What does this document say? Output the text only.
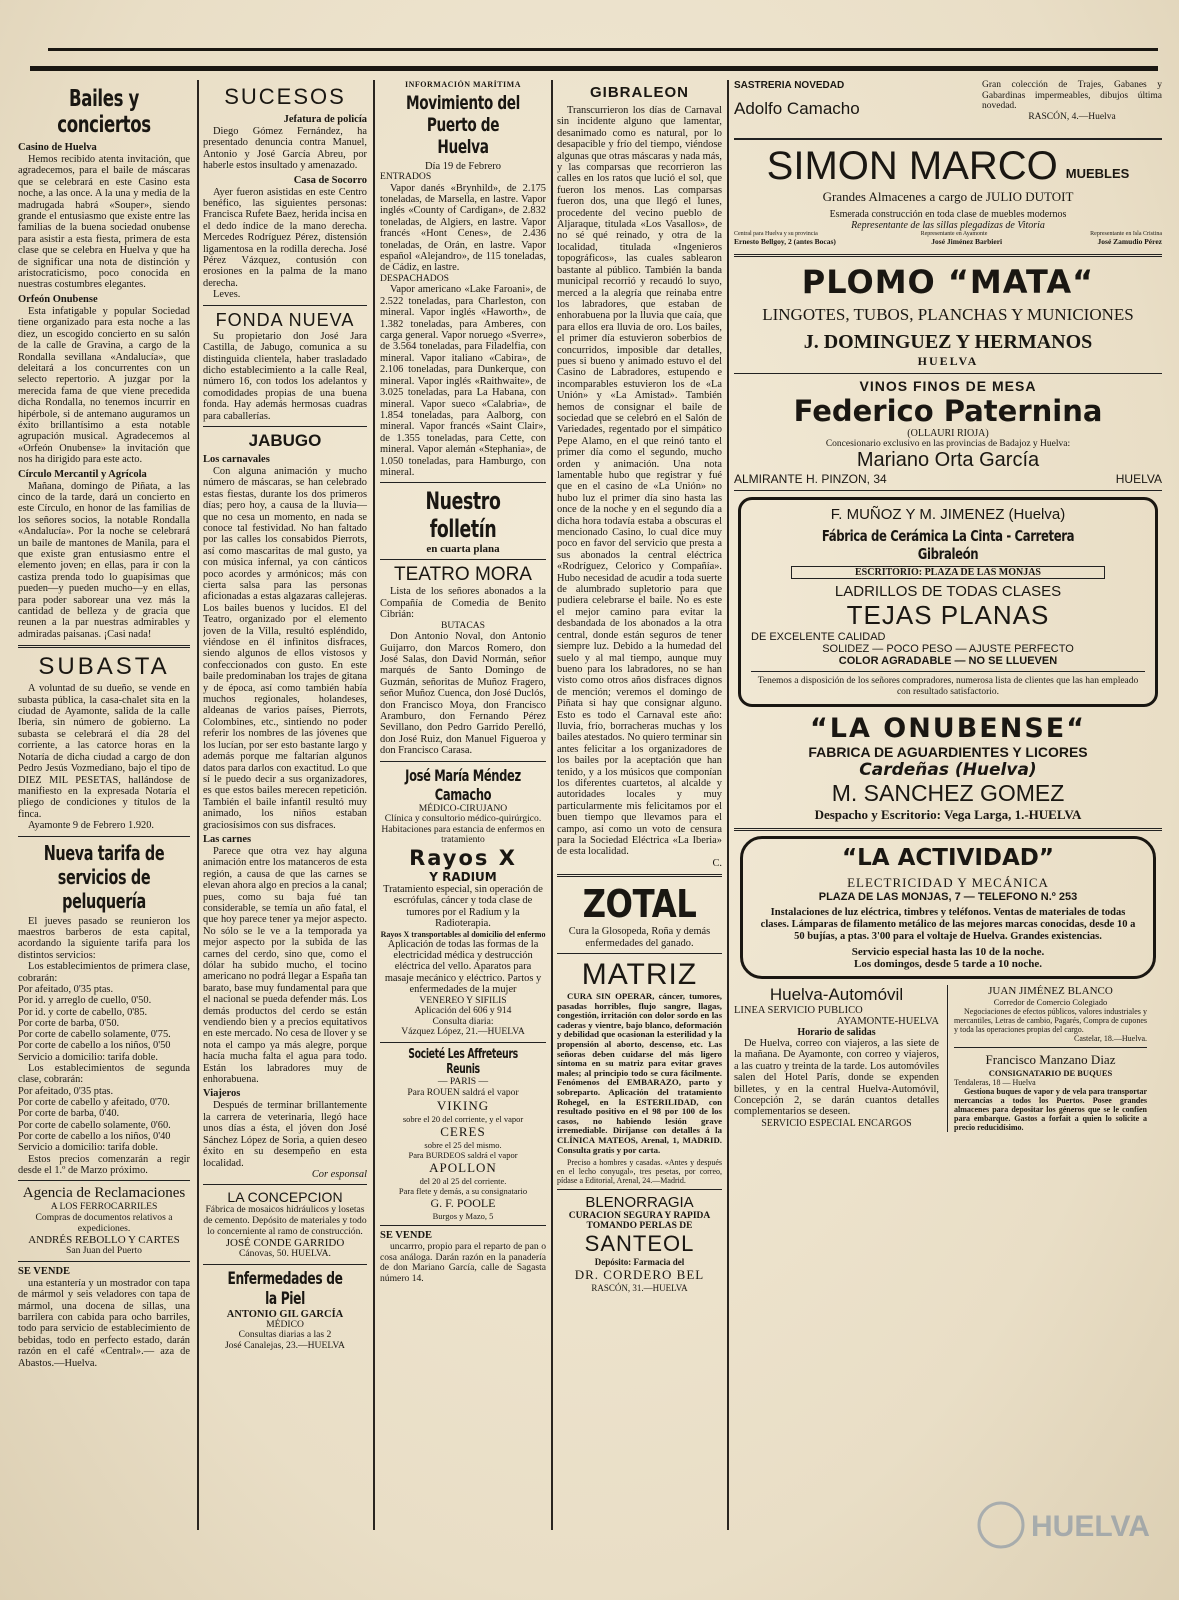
Bailes y conciertos
Casino de Huelva

Hemos recibido atenta invitación, que agradecemos, para el baile de máscaras que se celebrará en este Casino esta noche, a las once. A la una y media de la madrugada habrá «Souper», siendo grande el entusiasmo que existe entre las familias de la buena sociedad onubense para asistir a esta fiesta, primera de esta clase que se celebra en Huelva y que ha de significar una nota de distinción y aristocraticismo, poco conocida en nuestras costumbres elegantes.

Orfeón Onubense

Esta infatigable y popular Sociedad tiene organizado para esta noche a las diez, un escogido concierto en su salón de la calle de Gravina, a cargo de la Rondalla sevillana «Andalucía», que deleitará a los concurrentes con un selecto repertorio. A juzgar por la merecida fama de que viene precedida dicha Rondalla, no tenemos incurrir en hipérbole, si de antemano auguramos un éxito brillantísimo a esta notable agrupación musical. Agradecemos al «Orfeón Onubense» la invitación que nos ha dirigido para este acto.

Círculo Mercantil y Agrícola

Mañana, domingo de Piñata, a las cinco de la tarde, dará un concierto en este Círculo, en honor de las familias de los señores socios, la notable Rondalla «Andalucía». Por la noche se celebrará un baile de mantones de Manila, para el que existe gran entusiasmo entre el elemento joven; en ellas, para ir con la castiza prenda todo lo guapísimas que pueden—y pueden mucho—y en ellas, para poder saborear una vez más la cantidad de belleza y de gracia que reunen a la par nuestras admirables y admiradas paisanas. ¡Casi nada!

SUBASTA

A voluntad de su dueño, se vende en subasta pública, la casa-chalet sita en la ciudad de Ayamonte, salida de la calle Iberia, sin número de gobierno. La subasta se celebrará el día 28 del corriente, a las catorce horas en la Notaría de dicha ciudad a cargo de don Pedro Jesús Vozmediano, bajo el tipo de DIEZ MIL PESETAS, hallándose de manifiesto en la expresada Notaría el pliego de condiciones y títulos de la finca.

Ayamonte 9 de Febrero 1.920.

Nueva tarifa de
servicios de peluquería

El jueves pasado se reunieron los maestros barberos de esta capital, acordando la siguiente tarifa para los distintos servicios:

Los establecimientos de primera clase, cobrarán:

Por afeitado, 0'35 ptas.
Por id. y arreglo de cuello, 0'50.
Por id. y corte de cabello, 0'85.
Por corte de barba, 0'50.
Por corte de cabello solamente, 0'75.
Por corte de cabello a los niños, 0'50
Servicio a domicilio: tarifa doble.

Los establecimientos de segunda clase, cobrarán:

Por afeitado, 0'35 ptas.
Por corte de cabello y afeitado, 0'70.
Por corte de barba, 0'40.
Por corte de cabello solamente, 0'60.
Por corte de cabello a los niños, 0'40
Servicio a domicilio: tarifa doble.

Estos precios comenzarán a regir desde el 1.º de Marzo próximo.

Agencia de Reclamaciones
A LOS FERROCARRILES

Compras de documentos relativos a expediciones.

ANDRÉS REBOLLO Y CARTES
San Juan del Puerto
SE VENDE

una estantería y un mostrador con tapa de mármol y seis veladores con tapa de mármol, una docena de sillas, una barrilera con cabida para ocho barriles, todo para servicio de establecimiento de bebidas, todo en perfecto estado, darán razón en el café «Central».— aza de Abastos.—Huelva.

SUCESOS
Jefatura de policía

Diego Gómez Fernández, ha presentado denuncia contra Manuel, Antonio y José García Abreu, por haberle estos insultado y amenazado.

Casa de Socorro

Ayer fueron asistidas en este Centro benéfico, las siguientes personas: Francisca Rufete Baez, herida incisa en el dedo índice de la mano derecha. Mercedes Rodríguez Pérez, distensión ligamentosa en la rodilla derecha. José Pérez Vázquez, contusión con erosiones en la palma de la mano derecha.

Leves.

FONDA NUEVA

Su propietario don José Jara Castilla, de Jabugo, comunica a su distinguida clientela, haber trasladado dicho establecimiento a la calle Real, número 16, con todos los adelantos y comodidades propias de una buena fonda. Hay además hermosas cuadras para caballerías.

JABUGO
Los carnavales

Con alguna animación y mucho número de máscaras, se han celebrado estas fiestas, durante los dos primeros días; pero hoy, a causa de la lluvia—que no cesa un momento, en nada se conoce tal festividad. No han faltado por las calles los consabidos Pierrots, así como mascaritas de mal gusto, ya con música infernal, ya con cánticos poco acordes y armónicos; más con cierta salsa para las personas aficionadas a estas algazaras callejeras. Los bailes buenos y lucidos. El del Teatro, organizado por el elemento joven de la Villa, resultó espléndido, viéndose en él infinitos disfraces, siendo algunos de ellos vistosos y confeccionados con gusto. En este baile predominaban los trajes de gitana y de época, así como también había muchos regionales, holandeses, aldeanas de varios países, Pierrots, Colombines, etc., sintiendo no poder referir los nombres de las jóvenes que los lucían, por ser esto bastante largo y además porque me faltarían algunos datos para darlos con exactitud. Lo que sí le puedo decir a sus organizadores, es que estos bailes merecen repetición. También el baile infantil resultó muy animado, los niños estaban graciosísimos con sus disfraces.

Las carnes

Parece que otra vez hay alguna animación entre los matanceros de esta región, a causa de que las carnes se elevan ahora algo en precios a la canal; pues, como su baja fué tan considerable, se temía un año fatal, el que hoy parece tener ya mejor aspecto. No sólo se le ve a la temporada ya mejor aspecto por la subida de las carnes del cerdo, sino que, como el dólar ha subido mucho, el tocino americano no podrá llegar a España tan barato, base muy fundamental para que el nacional se pueda defender más. Los demás productos del cerdo se están vendiendo bien y a precios equitativos en este mercado. No cesa de llover y se nota el campo ya más alegre, porque hacía mucha falta el agua para todo. Están los labradores muy de enhorabuena.

Viajeros

Después de terminar brillantemente la carrera de veterinaria, llegó hace unos días a ésta, el jóven don José Sánchez López de Soria, a quien deseo éxito en su desempeño en esta localidad.

Cor esponsal

LA CONCEPCION

Fábrica de mosaicos hidráulicos y losetas de cemento. Depósito de materiales y todo lo concerniente al ramo de construcción.

JOSÉ CONDE GARRIDO
Cánovas, 50. HUELVA.
Enfermedades de la Piel
ANTONIO GIL GARCÍA
MÉDICO
Consultas diarias a las 2
José Canalejas, 23.—HUELVA
INFORMACIÓN MARÍTIMA
Movimiento del Puerto de Huelva
Día 19 de Febrero
ENTRADOS

Vapor danés «Brynhild», de 2.175 toneladas, de Marsella, en lastre. Vapor inglés «County of Cardigan», de 2.832 toneladas, de Algiers, en lastre. Vapor francés «Hont Cenes», de 2.436 toneladas, de Orán, en lastre. Vapor español «Alejandro», de 115 toneladas, de Cádiz, en lastre.

DESPACHADOS

Vapor americano «Lake Faroani», de 2.522 toneladas, para Charleston, con mineral. Vapor inglés «Haworth», de 1.382 toneladas, para Amberes, con carga general. Vapor noruego «Sverre», de 3.564 toneladas, para Filadelfia, con mineral. Vapor italiano «Cabira», de 2.106 toneladas, para Dunkerque, con mineral. Vapor inglés «Raithwaite», de 3.025 toneladas, para La Habana, con mineral. Vapor sueco «Calabria», de 1.854 toneladas, para Aalborg, con mineral. Vapor francés «Saint Clair», de 1.355 toneladas, para Cette, con mineral. Vapor alemán «Stephania», de 1.050 toneladas, para Hamburgo, con mineral.

Nuestro folletín
en cuarta plana
TEATRO MORA

Lista de los señores abonados a la Compañía de Comedia de Benito Cibrián:

BUTACAS

Don Antonio Noval, don Antonio Guijarro, don Marcos Romero, don José Salas, don David Normán, señor marqués de Santo Domingo de Guzmán, señoritas de Muñoz Fragero, señor Muñoz Cuenca, don José Duclós, don Francisco Moya, don Francisco Aramburo, don Fernando Pérez Sevillano, don Pedro Garrido Perelló, don José Ruiz, don Manuel Figueroa y don Francisco Carasa.

José María Méndez Camacho
MÉDICO-CIRUJANO

Clínica y consultorio médico-quirúrgico. Habitaciones para estancia de enfermos en tratamiento

Rayos X
Y RADIUM

Tratamiento especial, sin operación de escrófulas, cáncer y toda clase de tumores por el Radium y la Radioterapia.

Rayos X transportables al domicilio del enfermo

Aplicación de todas las formas de la electricidad médica y destrucción eléctrica del vello. Aparatos para masaje mecánico y eléctrico. Partos y enfermedades de la mujer

VENEREO Y SIFILIS
Aplicación del 606 y 914
Consulta diaria:
Vázquez López, 21.—HUELVA
Societé Les Affreteurs Reunis
— PARIS —
Para ROUEN saldrá el vapor
VIKING
sobre el 20 del corriente, y el vapor
CERES
sobre el 25 del mismo.
Para BURDEOS saldrá el vapor
APOLLON
del 20 al 25 del corriente.
Para flete y demás, a su consignatario
G. F. POOLE
Burgos y Mazo, 5
SE VENDE

uncarrro, propio para el reparto de pan o cosa análoga. Darán razón en la panadería de don Mariano García, calle de Sagasta número 14.

GIBRALEON

Transcurrieron los días de Carnaval sin incidente alguno que lamentar, desanimado como es natural, por lo desapacible y frío del tiempo, viéndose algunas que otras máscaras y nada más, y las comparsas que recorrieron las calles en los ratos que lució el sol, que fueron los menos. Las comparsas fueron dos, una que llegó el lunes, procedente del vecino pueblo de Aljaraque, titulada «Los Vasallos», de no sé qué reinado, y otra de la localidad, titulada «Ingenieros topográficos», las cuales sablearon bastante al público. También la banda municipal recorrió y recaudó lo suyo, merced a la alegría que reinaba entre los labradores, que estaban de enhorabuena por la lluvia que caía, que para ellos era lluvia de oro. Los bailes, el primer día estuvieron soberbios de concurridos, imposible dar detalles, pues si bueno y animado estuvo el del Casino de Labradores, estupendo e incomparables estuvieron los de «La Unión» y «La Amistad». También hemos de consignar el baile de sociedad que se celebró en el Salón de Variedades, regentado por el simpático Pepe Alamo, en el que reinó tanto el primer día como el segundo, mucho orden y animación. Una nota lamentable hubo que registrar y fué que en el casino de «La Unión» no hubo luz el primer día sino hasta las once de la noche y en el segundo día a dicha hora todavía estaba a obscuras el mencionado Casino, lo cual dice muy poco en favor del servicio que presta a sus abonados la central eléctrica «Rodríguez, Celorico y Compañía». Hubo necesidad de acudir a toda suerte de alumbrado supletorio para que pudiera celebrarse el baile. No es este el mejor camino para evitar la desbandada de los abonados a la otra central, donde están seguros de tener siempre luz. Debido a la humedad del suelo y al mal tiempo, aunque muy bueno para los labradores, no se han visto como otros años disfraces dignos de mención; veremos el domingo de Piñata si hay que consignar alguno. Esto es todo el Carnaval este año: lluvia, frío, borracheras muchas y los bailes atestados. No quiero terminar sin antes felicitar a los organizadores de los bailes por la aceptación que han tenido, y a los músicos que componían los diferentes cuartetos, al alcalde y autoridades locales y muy particularmente mis felicitamos por el buen tiempo que llevamos para el campo, así como un voto de censura para la Sociedad Eléctrica «La Iberia» de esta localidad.

C.

ZOTAL

Cura la Glosopeda, Roña y demás enfermedades del ganado.

MATRIZ

CURA SIN OPERAR, cáncer, tumores, pasadas horribles, flujo sangre, llagas, congestión, irritación con dolor sordo en las caderas y vientre, bajo blanco, deformación y debilidad que ocasionan la esterilidad y la propensión al aborto, descenso, etc. Las señoras deben cuidarse del más ligero síntoma en su matriz para evitar graves males; al principio todo se cura fácilmente. Fenómenos del EMBARAZO, parto y sobreparto. Aplicación del tratamiento Rohegel, en la ESTERILIDAD, con resultado positivo en el 98 por 100 de los casos, no habiendo lesión grave irremediable. Diríjanse con detalles á la CLÍNICA MATEOS, Arenal, 1, MADRID. Consulta gratis y por carta.

Preciso a hombres y casadas. «Antes y después en el lecho conyugal», tres pesetas, por correo, pídase a Editorial, Arenal, 24.—Madrid.

BLENORRAGIA
CURACION SEGURA Y RAPIDA
TOMANDO PERLAS DE
SANTEOL
Depósito: Farmacia del
DR. CORDERO BEL
RASCÓN, 31.—HUELVA
SASTRERÍA NOVEDAD
Adolfo Camacho

Gran colección de Trajes, Gabanes y Gabardinas impermeables, dibujos última novedad.

RASCÓN, 4.—Huelva
SIMON MARCO MUEBLES
Grandes Almacenes a cargo de JULIO DUTOIT
Esmerada construcción en toda clase de muebles modernos
Representante de las sillas plegadizas de Vitoria
Central para Huelva y su provincia	Representante en Ayamonte	Representante en Isla Cristina
Ernesto Bellgoy, 2 (antes Bocas)	José Jiménez Barbieri	José Zamudio Pérez
PLOMO “MATA“
LINGOTES, TUBOS, PLANCHAS Y MUNICIONES
J. DOMINGUEZ Y HERMANOS
HUELVA
VINOS FINOS DE MESA
Federico Paternina
(OLLAURI RIOJA)
Concesionario exclusivo en las provincias de Badajoz y Huelva:
Mariano Orta García
ALMIRANTE H. PINZON, 34	HUELVA
F. MUÑOZ Y M. JIMENEZ (Huelva)
Fábrica de Cerámica La Cinta - Carretera Gibraleón
ESCRITORIO: PLAZA DE LAS MONJAS
LADRILLOS DE TODAS CLASES
TEJAS PLANAS
DE EXCELENTE CALIDAD
SOLIDEZ — POCO PESO — AJUSTE PERFECTO
COLOR AGRADABLE — NO SE LLUEVEN

Tenemos a disposición de los señores compradores, numerosa lista de clientes que las han empleado con resultado satisfactorio.

“LA ONUBENSE“
FABRICA DE AGUARDIENTES Y LICORES
Cardeñas (Huelva)
M. SANCHEZ GOMEZ
Despacho y Escritorio: Vega Larga, 1.-HUELVA
“LA ACTIVIDAD”
ELECTRICIDAD Y MECÁNICA
PLAZA DE LAS MONJAS, 7 — TELEFONO N.º 253

Instalaciones de luz eléctrica, timbres y teléfonos. Ventas de materiales de todas clases. Lámparas de filamento metálico de las mejores marcas conocidas, desde 10 a 50 bujías, a ptas. 3'00 para el voltaje de Huelva. Grandes existencias.

Servicio especial hasta las 10 de la noche.
Los domingos, desde 5 tarde a 10 noche.
Huelva-Automóvil
LINEA SERVICIO PUBLICO
AYAMONTE-HUELVA
Horario de salidas

De Huelva, correo con viajeros, a las siete de la mañana. De Ayamonte, con correo y viajeros, a las cuatro y treinta de la tarde. Los automóviles salen del Hotel París, donde se expenden billetes, y en la central Huelva-Automóvil, Concepción 2, se darán cuantos detalles complementarios se deseen.

SERVICIO ESPECIAL ENCARGOS
JUAN JIMÉNEZ BLANCO
Corredor de Comercio Colegiado

Negociaciones de efectos públicos, valores industriales y mercantiles, Letras de cambio, Pagarés, Compra de cupones y toda las operaciones propias del cargo.

Castelar, 18.—Huelva.
Francisco Manzano Diaz
CONSIGNATARIO DE BUQUES
Tendaleras, 18 — Huelva

Gestiona buques de vapor y de vela para transportar mercancías a todos los Puertos. Posee grandes almacenes para depositar los géneros que se le confíen para embarque. Gastos a forfait a quien lo solicite a precio reducidísimo.

HUELVA
